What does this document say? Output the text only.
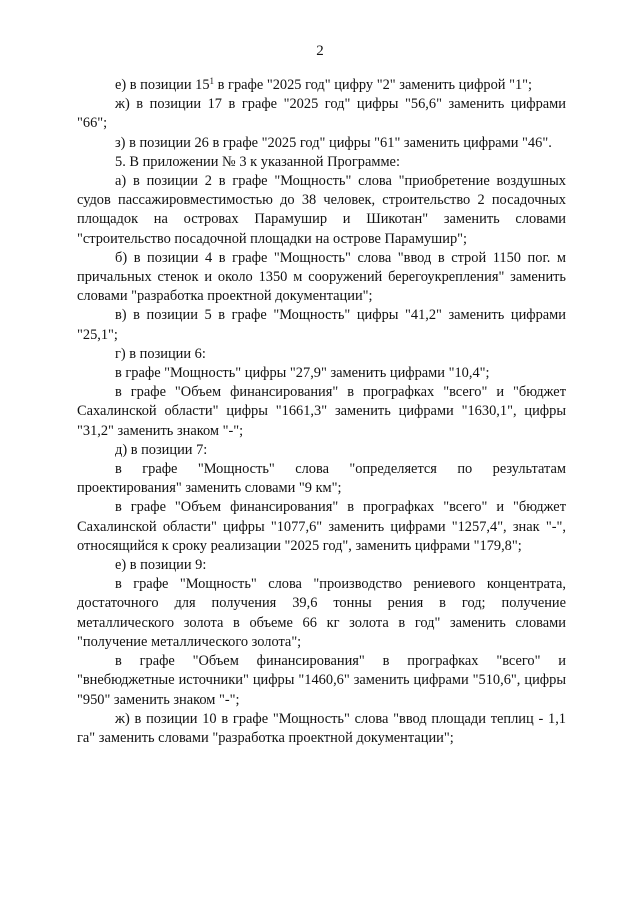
2

е) в позиции $15^1$ в графе "2025 год" цифру "2" заменить цифрой "1";

ж) в позиции 17 в графе "2025 год" цифры "56,6" заменить цифрами "66";

з) в позиции 26 в графе "2025 год" цифры "61" заменить цифрами "46".

5. В приложении № 3 к указанной Программе:

а) в позиции 2 в графе "Мощность" слова "приобретение воздушных судов пассажировместимостью до 38 человек, строительство 2 посадочных площадок на островах Парамушир и Шикотан" заменить словами "строительство посадочной площадки на острове Парамушир";

б) в позиции 4 в графе "Мощность" слова "ввод в строй 1150 пог. м причальных стенок и около 1350 м сооружений берегоукрепления" заменить словами "разработка проектной документации";

в) в позиции 5 в графе "Мощность" цифры "41,2" заменить цифрами "25,1";

г) в позиции 6:

в графе "Мощность" цифры "27,9" заменить цифрами "10,4";

в графе "Объем финансирования" в прографках "всего" и "бюджет Сахалинской области" цифры "1661,3" заменить цифрами "1630,1", цифры "31,2" заменить знаком "-";

д) в позиции 7:

в графе "Мощность" слова "определяется по результатам проектирования" заменить словами "9 км";

в графе "Объем финансирования" в прографках "всего" и "бюджет Сахалинской области" цифры "1077,6" заменить цифрами "1257,4", знак "-", относящийся к сроку реализации "2025 год", заменить цифрами "179,8";

е) в позиции 9:

в графе "Мощность" слова "производство рениевого концентрата, достаточного для получения 39,6 тонны рения в год; получение металлического золота в объеме 66 кг золота в год" заменить словами "получение металлического золота";

в графе "Объем финансирования" в прографках "всего" и "внебюджетные источники" цифры "1460,6" заменить цифрами "510,6", цифры "950" заменить знаком "-";

ж) в позиции 10 в графе "Мощность" слова "ввод площади теплиц - 1,1 га" заменить словами "разработка проектной документации";
